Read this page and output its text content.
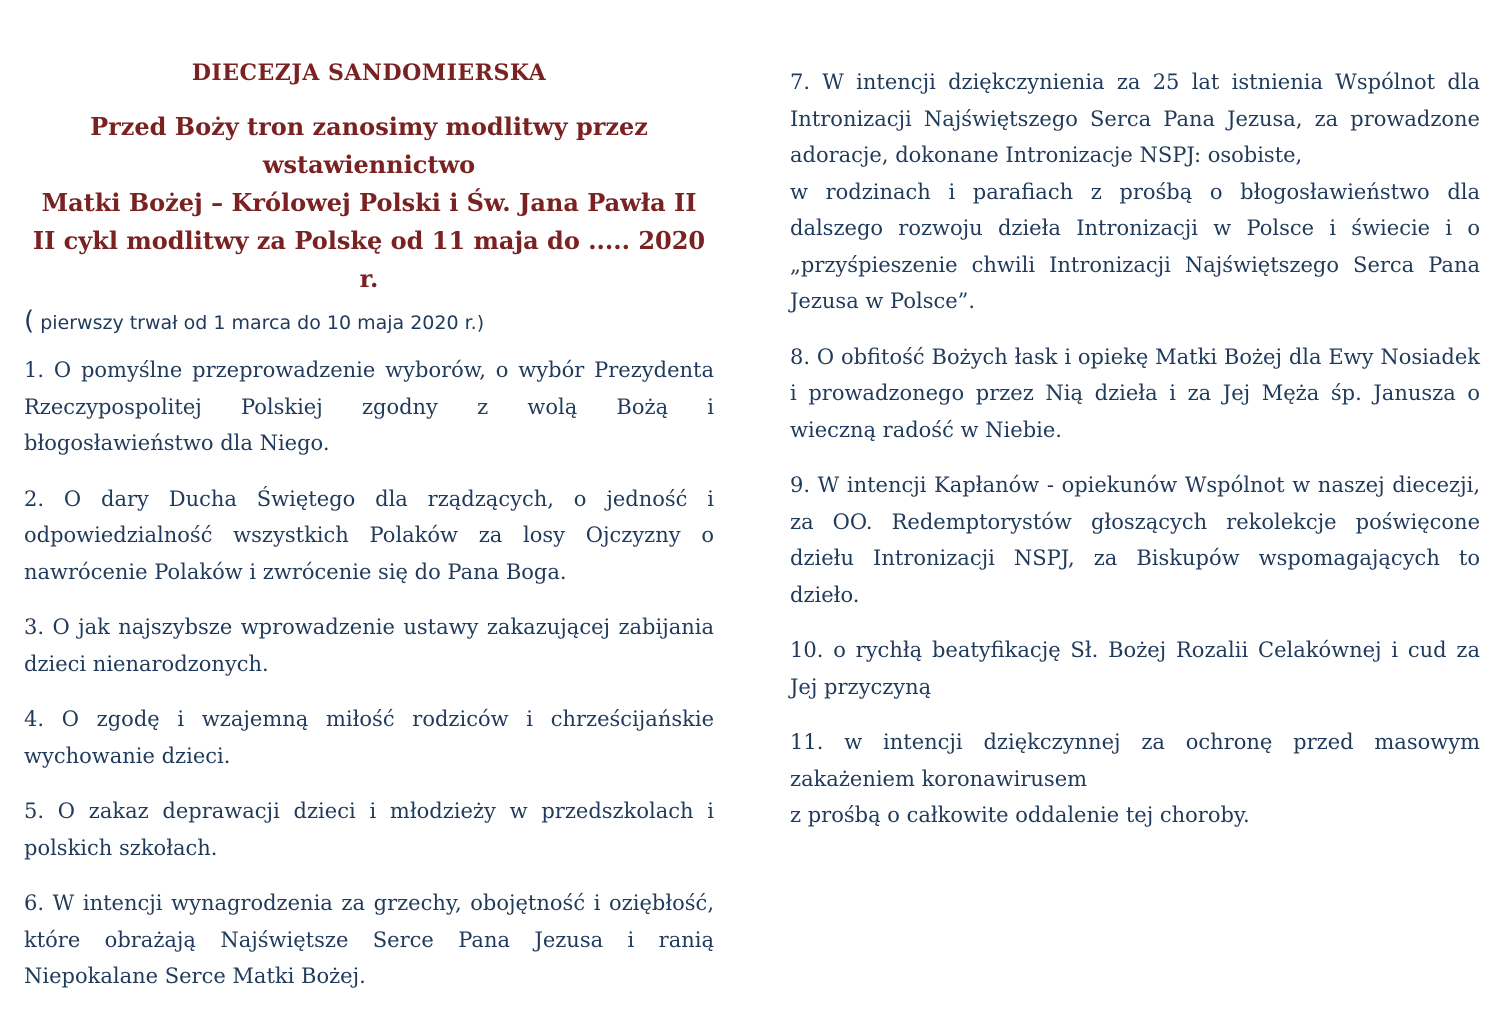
DIECEZJA SANDOMIERSKA
Przed Boży tron zanosimy modlitwy przez
wstawiennictwo
Matki Bożej – Królowej Polski i Św. Jana Pawła II
II cykl modlitwy za Polskę od 11 maja do ..... 2020 r.
( pierwszy trwał od 1 marca do 10 maja 2020 r.)

1. O pomyślne przeprowadzenie wyborów, o wybór Prezydenta Rzeczypospolitej Polskiej zgodny z wolą Bożą i błogosławieństwo dla Niego.

2. O dary Ducha Świętego dla rządzących, o jedność i odpowiedzialność wszystkich Polaków za losy Ojczyzny o nawrócenie Polaków i zwrócenie się do Pana Boga.

3. O jak najszybsze wprowadzenie ustawy zakazującej zabijania dzieci nienarodzonych.

4. O zgodę i wzajemną miłość rodziców i chrześcijańskie wychowanie dzieci.

5. O zakaz deprawacji dzieci i młodzieży w przedszkolach i polskich szkołach.

6. W intencji wynagrodzenia za grzechy, obojętność i oziębłość, które obrażają Najświętsze Serce Pana Jezusa i ranią Niepokalane Serce Matki Bożej.

7. W intencji dziękczynienia za 25 lat istnienia Wspólnot dla Intronizacji Najświętszego Serca Pana Jezusa, za prowadzone adoracje, dokonane Intronizacje NSPJ: osobiste,

w rodzinach i parafiach z prośbą o błogosławieństwo dla dalszego rozwoju dzieła Intronizacji w Polsce i świecie i o „przyśpieszenie chwili Intronizacji Najświętszego Serca Pana Jezusa w Polsce”.

8. O obfitość Bożych łask i opiekę Matki Bożej dla Ewy Nosiadek i prowadzonego przez Nią dzieła i za Jej Męża śp. Janusza o wieczną radość w Niebie.

9. W intencji Kapłanów - opiekunów Wspólnot w naszej diecezji, za OO. Redemptorystów głoszących rekolekcje poświęcone dziełu Intronizacji NSPJ, za Biskupów wspomagających to dzieło.

10. o rychłą beatyfikację Sł. Bożej Rozalii Celakównej i cud za Jej przyczyną

11. w intencji dziękczynnej za ochronę przed masowym zakażeniem koronawirusem

z prośbą o całkowite oddalenie tej choroby.
